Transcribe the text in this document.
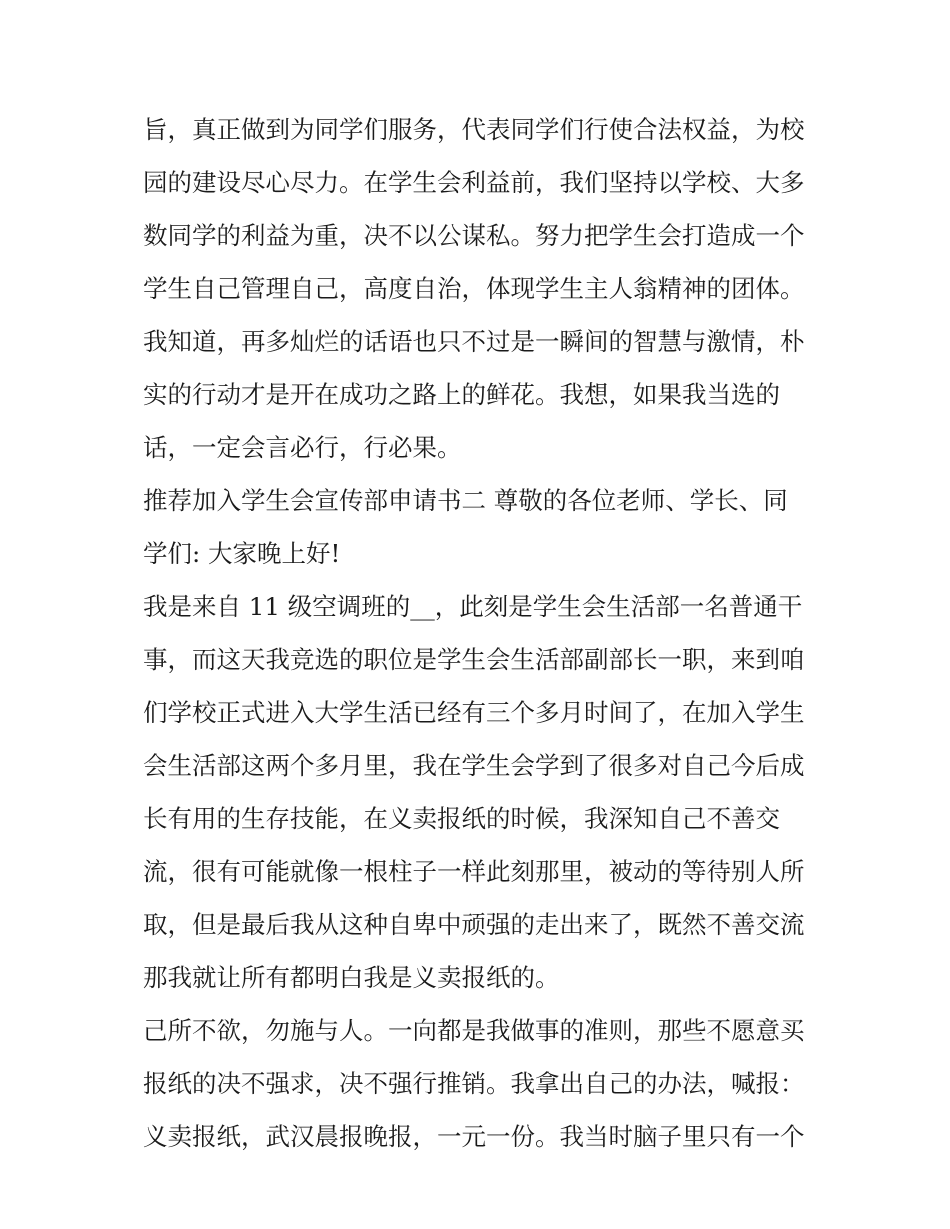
旨，真正做到为同学们服务，代表同学们行使合法权益，为校
园的建设尽心尽力。在学生会利益前，我们坚持以学校、大多
数同学的利益为重，决不以公谋私。努力把学生会打造成一个
学生自己管理自己，高度自治，体现学生主人翁精神的团体。
我知道，再多灿烂的话语也只不过是一瞬间的智慧与激情，朴
实的行动才是开在成功之路上的鲜花。我想，如果我当选的
话，一定会言必行，行必果。
推荐加入学生会宣传部申请书二 尊敬的各位老师、学长、同
学们: 大家晚上好!
我是来自 11 级空调班的__，此刻是学生会生活部一名普通干
事，而这天我竞选的职位是学生会生活部副部长一职，来到咱
们学校正式进入大学生活已经有三个多月时间了，在加入学生
会生活部这两个多月里，我在学生会学到了很多对自己今后成
长有用的生存技能，在义卖报纸的时候，我深知自己不善交
流，很有可能就像一根柱子一样此刻那里，被动的等待别人所
取，但是最后我从这种自卑中顽强的走出来了，既然不善交流
那我就让所有都明白我是义卖报纸的。
己所不欲，勿施与人。一向都是我做事的准则，那些不愿意买
报纸的决不强求，决不强行推销。我拿出自己的办法，喊报：
义卖报纸，武汉晨报晚报，一元一份。我当时脑子里只有一个
